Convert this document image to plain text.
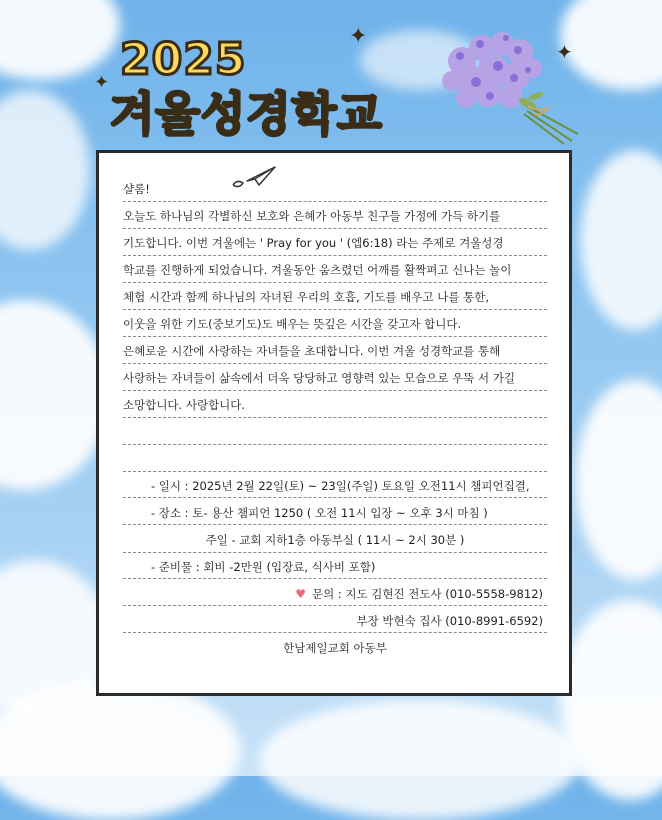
2025
겨울성경학교
✦
✦
✦
샬롬!
오늘도 하나님의 각별하신 보호와 은혜가 아동부 친구들 가정에 가득 하기를
기도합니다. 이번 겨울에는 ' Pray for you ' (엡6:18) 라는 주제로 겨울성경
학교를 진행하게 되었습니다. 겨울동안 움츠렸던 어깨를 활짝펴고 신나는 놀이
체험 시간과 함께 하나님의 자녀된 우리의 호흡, 기도를 배우고 나를 통한,
이웃을 위한 기도(중보기도)도 배우는 뜻깊은 시간을 갖고자 합니다.
은혜로운 시간에 사랑하는 자녀들을 초대합니다. 이번 겨울 성경학교를 통해
사랑하는 자녀들이 삶속에서 더욱 당당하고 영향력 있는 모습으로 우뚝 서 가길
소망합니다. 사랑합니다.
- 일시 : 2025년 2월 22일(토) ~ 23일(주일) 토요일 오전11시 챔피언집결,
- 장소 : 토- 용산 챔피언 1250 ( 오전 11시 입장 ~ 오후 3시 마침 )
주일 - 교회 지하1층 아동부실 ( 11시 ~ 2시 30분 )
- 준비물 : 회비 -2만원 (입장료, 식사비 포함)
♥ 문의 : 지도 김현진 전도사 (010-5558-9812)
부장 박현숙 집사 (010-8991-6592)
한남제일교회 아동부
